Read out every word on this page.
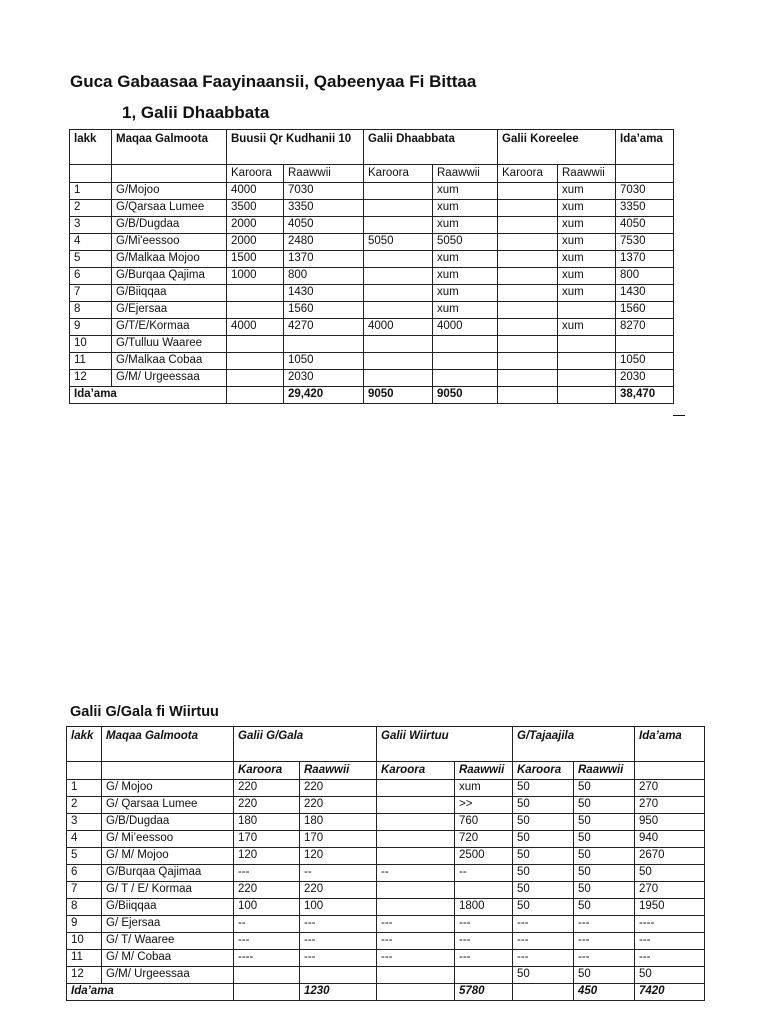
Guca Gabaasaa Faayinaansii, Qabeenyaa Fi Bittaa
1, Galii Dhaabbata
lakk	Maqaa Galmoota	Buusii Qr Kudhanii 10		Galii Dhaabbata		Galii Koreelee		Ida’ama
		Karoora	Raawwii	Karoora	Raawwii	Karoora	Raawwii	
1	G/Mojoo	4000	7030		xum		xum	7030
2	G/Qarsaa Lumee	3500	3350		xum		xum	3350
3	G/B/Dugdaa	2000	4050		xum		xum	4050
4	G/Mi'eessoo	2000	2480	5050	5050		xum	7530
5	G/Malkaa Mojoo	1500	1370		xum		xum	1370
6	G/Burqaa Qajima	1000	800		xum		xum	800
7	G/Biiqqaa		1430		xum		xum	1430
8	G/Ejersaa		1560		xum			1560
9	G/T/E/Kormaa	4000	4270	4000	4000		xum	8270
10	G/Tulluu Waaree							
11	G/Malkaa Cobaa		1050					1050
12	G/M/ Urgeessaa		2030					2030
Ida’ama			29,420	9050	9050			38,470
Galii G/Gala fi Wiirtuu
lakk	Maqaa Galmoota	Galii G/Gala		Galii Wiirtuu		G/Tajaajila		Ida’ama
		Karoora	Raawwii	Karoora	Raawwii	Karoora	Raawwii	
1	G/ Mojoo	220	220		xum	50	50	270
2	G/ Qarsaa Lumee	220	220		>>	50	50	270
3	G/B/Dugdaa	180	180		760	50	50	950
4	G/ Mi’eessoo	170	170		720	50	50	940
5	G/ M/ Mojoo	120	120		2500	50	50	2670
6	G/Burqaa Qajimaa	---	--	--	--	50	50	50
7	G/ T / E/ Kormaa	220	220			50	50	270
8	G/Biiqqaa	100	100		1800	50	50	1950
9	G/ Ejersaa	--	---	---	---	---	---	----
10	G/ T/ Waaree	---	---	---	---	---	---	---
11	G/ M/ Cobaa	----	---	---	---	---	---	---
12	G/M/ Urgeessaa					50	50	50
Ida’ama			1230		5780		450	7420
